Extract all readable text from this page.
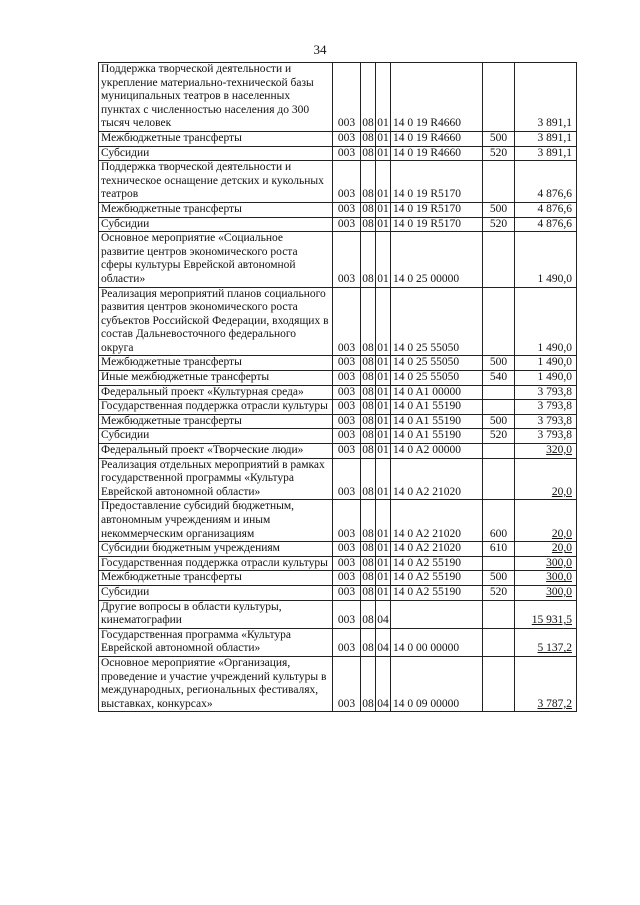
34
Поддержка творческой деятельности и укрепление материально-технической базы муниципальных театров в населенных пунктах с численностью населения до 300 тысяч человек	003	08	01	14 0 19 R4660		3 891,1
Межбюджетные трансферты	003	08	01	14 0 19 R4660	500	3 891,1
Субсидии	003	08	01	14 0 19 R4660	520	3 891,1
Поддержка творческой деятельности и техническое оснащение детских и кукольных театров	003	08	01	14 0 19 R5170		4 876,6
Межбюджетные трансферты	003	08	01	14 0 19 R5170	500	4 876,6
Субсидии	003	08	01	14 0 19 R5170	520	4 876,6
Основное мероприятие «Социальное развитие центров экономического роста сферы культуры Еврейской автономной области»	003	08	01	14 0 25 00000		1 490,0
Реализация мероприятий планов социального развития центров экономического роста субъектов Российской Федерации, входящих в состав Дальневосточного федерального округа	003	08	01	14 0 25 55050		1 490,0
Межбюджетные трансферты	003	08	01	14 0 25 55050	500	1 490,0
Иные межбюджетные трансферты	003	08	01	14 0 25 55050	540	1 490,0
Федеральный проект «Культурная среда»	003	08	01	14 0 A1 00000		3 793,8
Государственная поддержка отрасли культуры	003	08	01	14 0 A1 55190		3 793,8
Межбюджетные трансферты	003	08	01	14 0 A1 55190	500	3 793,8
Субсидии	003	08	01	14 0 A1 55190	520	3 793,8
Федеральный проект «Творческие люди»	003	08	01	14 0 A2 00000		320,0
Реализация отдельных мероприятий в рамках государственной программы «Культура Еврейской автономной области»	003	08	01	14 0 A2 21020		20,0
Предоставление субсидий бюджетным, автономным учреждениям и иным некоммерческим организациям	003	08	01	14 0 A2 21020	600	20,0
Субсидии бюджетным учреждениям	003	08	01	14 0 A2 21020	610	20,0
Государственная поддержка отрасли культуры	003	08	01	14 0 A2 55190		300,0
Межбюджетные трансферты	003	08	01	14 0 A2 55190	500	300,0
Субсидии	003	08	01	14 0 A2 55190	520	300,0
Другие вопросы в области культуры, кинематографии	003	08	04			15 931,5
Государственная программа «Культура Еврейской автономной области»	003	08	04	14 0 00 00000		5 137,2
Основное мероприятие «Организация, проведение и участие учреждений культуры в международных, региональных фестивалях, выставках, конкурсах»	003	08	04	14 0 09 00000		3 787,2
